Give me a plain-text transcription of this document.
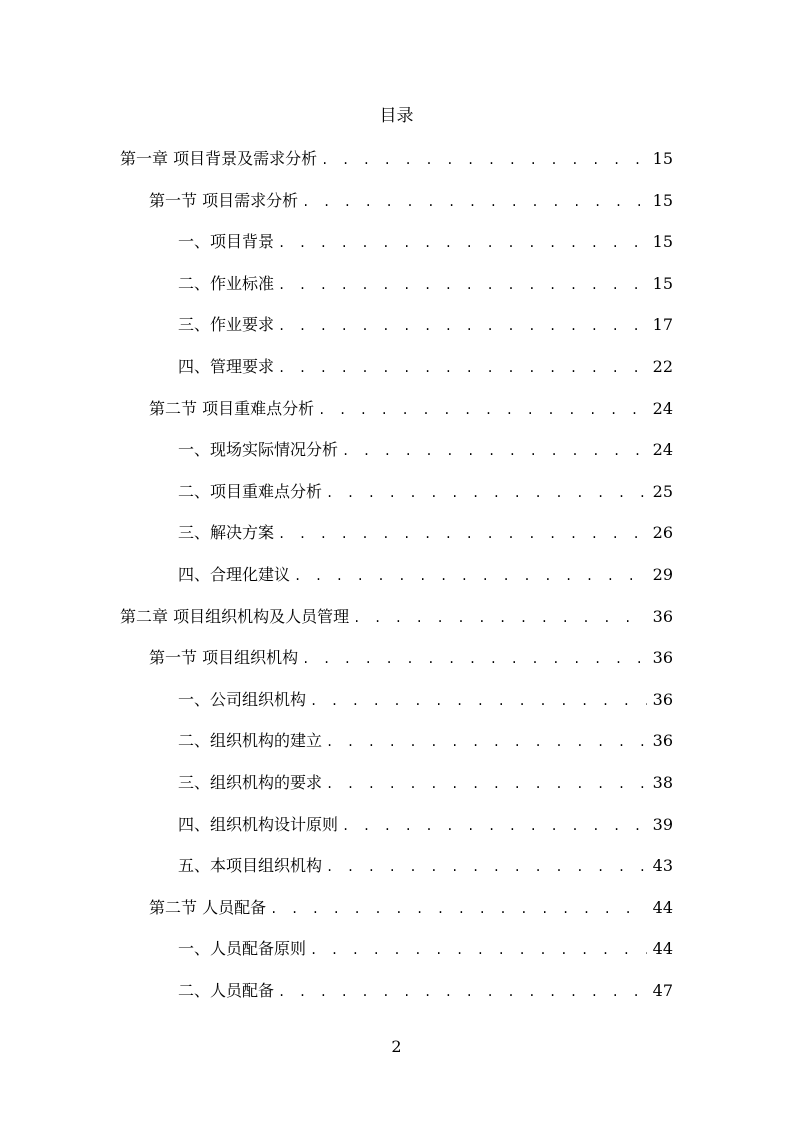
目录
第一章 项目背景及需求分析 . . .	15
第一节 项目需求分析 . . .	15
一、项目背景 . . .	15
二、作业标准 . . .	15
三、作业要求 . . .	17
四、管理要求 . . .	22
第二节 项目重难点分析 . . .	24
一、现场实际情况分析 . . .	24
二、项目重难点分析 . . .	25
三、解决方案 . . .	26
四、合理化建议 . . .	29
第二章 项目组织机构及人员管理 . . .	36
第一节 项目组织机构 . . .	36
一、公司组织机构 . . .	36
二、组织机构的建立 . . .	36
三、组织机构的要求 . . .	38
四、组织机构设计原则 . . .	39
五、本项目组织机构 . . .	43
第二节 人员配备 . . .	44
一、人员配备原则 . . .	44
二、人员配备 . . .	47
2
